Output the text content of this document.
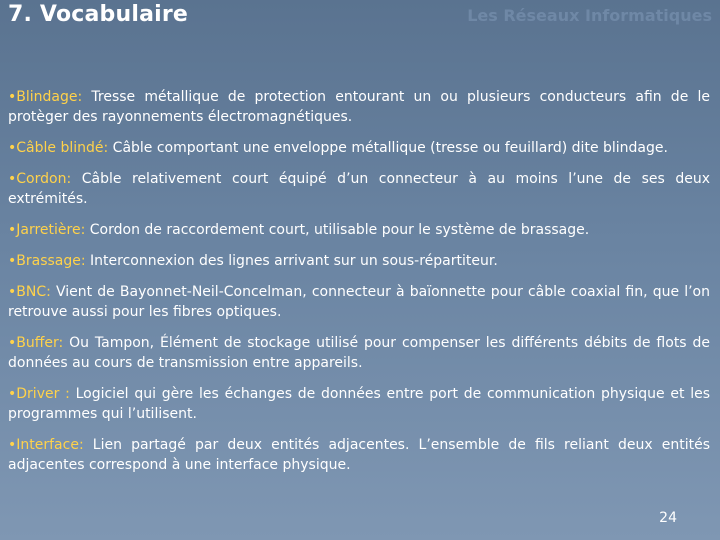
7. Vocabulaire	Les Réseaux Informatiques

•Blindage: Tresse métallique de protection entourant un ou plusieurs conducteurs afin de le protèger des rayonnements électromagnétiques.

•Câble blindé: Câble comportant une enveloppe métallique (tresse ou feuillard) dite blindage.

•Cordon: Câble relativement court équipé d’un connecteur à au moins l’une de ses deux extrémités.

•Jarretière: Cordon de raccordement court, utilisable pour le système de brassage.

•Brassage: Interconnexion des lignes arrivant sur un sous-répartiteur.

•BNC: Vient de Bayonnet-Neil-Concelman, connecteur à baïonnette pour câble coaxial fin, que l’on retrouve aussi pour les fibres optiques.

•Buffer: Ou Tampon, Élément de stockage utilisé pour compenser les différents débits de flots de données au cours de transmission entre appareils.

•Driver : Logiciel qui gère les échanges de données entre port de communication physique et les programmes qui l’utilisent.

•Interface: Lien partagé par deux entités adjacentes. L’ensemble de fils reliant deux entités adjacentes correspond à une interface physique.

24
